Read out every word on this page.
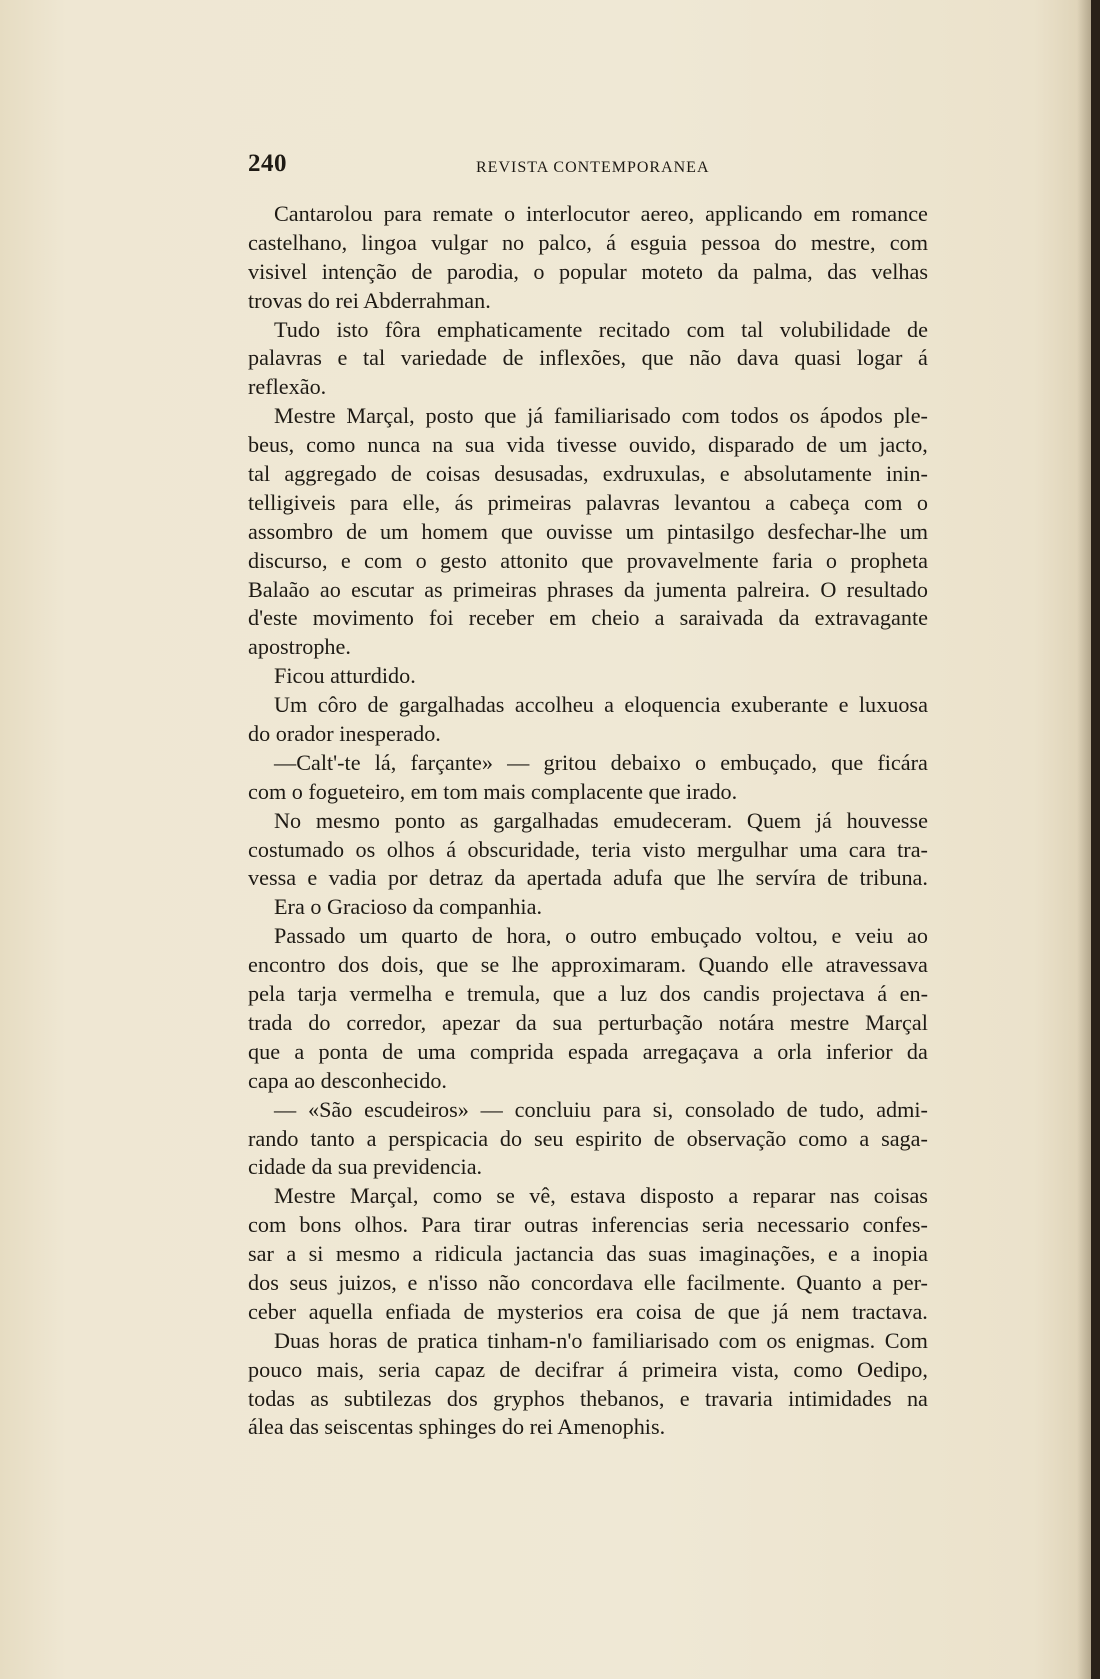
240	REVISTA CONTEMPORANEA
Cantarolou para remate o interlocutor aereo, applicando em romance
castelhano, lingoa vulgar no palco, á esguia pessoa do mestre, com
visivel intenção de parodia, o popular moteto da palma, das velhas
trovas do rei Abderrahman.
Tudo isto fôra emphaticamente recitado com tal volubilidade de
palavras e tal variedade de inflexões, que não dava quasi logar á
reflexão.
Mestre Marçal, posto que já familiarisado com todos os ápodos ple-
beus, como nunca na sua vida tivesse ouvido, disparado de um jacto,
tal aggregado de coisas desusadas, exdruxulas, e absolutamente inin-
telligiveis para elle, ás primeiras palavras levantou a cabeça com o
assombro de um homem que ouvisse um pintasilgo desfechar-lhe um
discurso, e com o gesto attonito que provavelmente faria o propheta
Balaão ao escutar as primeiras phrases da jumenta palreira. O resultado
d'este movimento foi receber em cheio a saraivada da extravagante
apostrophe.
Ficou atturdido.
Um côro de gargalhadas accolheu a eloquencia exuberante e luxuosa
do orador inesperado.
—Calt'-te lá, farçante» — gritou debaixo o embuçado, que ficára
com o fogueteiro, em tom mais complacente que irado.
No mesmo ponto as gargalhadas emudeceram. Quem já houvesse
costumado os olhos á obscuridade, teria visto mergulhar uma cara tra-
vessa e vadia por detraz da apertada adufa que lhe servíra de tribuna.
Era o Gracioso da companhia.
Passado um quarto de hora, o outro embuçado voltou, e veiu ao
encontro dos dois, que se lhe approximaram. Quando elle atravessava
pela tarja vermelha e tremula, que a luz dos candis projectava á en-
trada do corredor, apezar da sua perturbação notára mestre Marçal
que a ponta de uma comprida espada arregaçava a orla inferior da
capa ao desconhecido.
— «São escudeiros» — concluiu para si, consolado de tudo, admi-
rando tanto a perspicacia do seu espirito de observação como a saga-
cidade da sua previdencia.
Mestre Marçal, como se vê, estava disposto a reparar nas coisas
com bons olhos. Para tirar outras inferencias seria necessario confes-
sar a si mesmo a ridicula jactancia das suas imaginações, e a inopia
dos seus juizos, e n'isso não concordava elle facilmente. Quanto a per-
ceber aquella enfiada de mysterios era coisa de que já nem tractava.
Duas horas de pratica tinham-n'o familiarisado com os enigmas. Com
pouco mais, seria capaz de decifrar á primeira vista, como Oedipo,
todas as subtilezas dos gryphos thebanos, e travaria intimidades na
álea das seiscentas sphinges do rei Amenophis.
